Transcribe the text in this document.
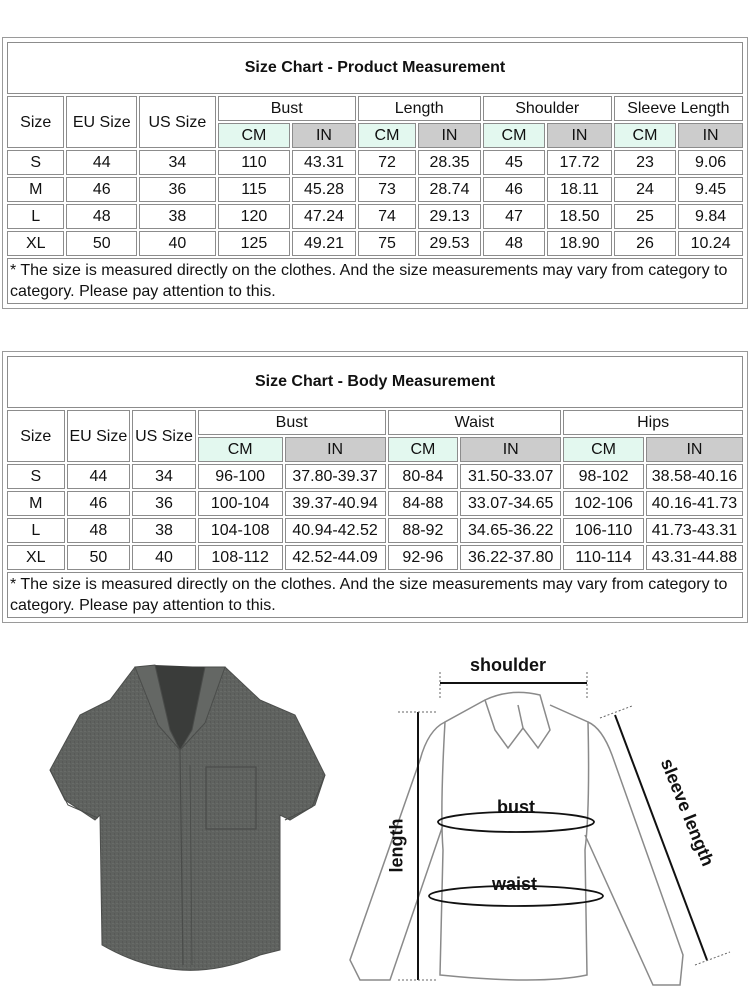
Size Chart - Product Measurement										
Size	EU Size	US Size	Bust		Length		Shoulder		Sleeve Length	
			CM	IN	CM	IN	CM	IN	CM	IN
S	44	34	110	43.31	72	28.35	45	17.72	23	9.06
M	46	36	115	45.28	73	28.74	46	18.11	24	9.45
L	48	38	120	47.24	74	29.13	47	18.50	25	9.84
XL	50	40	125	49.21	75	29.53	48	18.90	26	10.24
* The size is measured directly on the clothes. And the size measurements may vary from category to category. Please pay attention to this.										
Size Chart - Body Measurement								
Size	EU Size	US Size	Bust		Waist		Hips	
			CM	IN	CM	IN	CM	IN
S	44	34	96-100	37.80-39.37	80-84	31.50-33.07	98-102	38.58-40.16
M	46	36	100-104	39.37-40.94	84-88	33.07-34.65	102-106	40.16-41.73
L	48	38	104-108	40.94-42.52	88-92	34.65-36.22	106-110	41.73-43.31
XL	50	40	108-112	42.52-44.09	92-96	36.22-37.80	110-114	43.31-44.88
* The size is measured directly on the clothes. And the size measurements may vary from category to category. Please pay attention to this.								
shoulder
bust
waist
length	sleeve length
